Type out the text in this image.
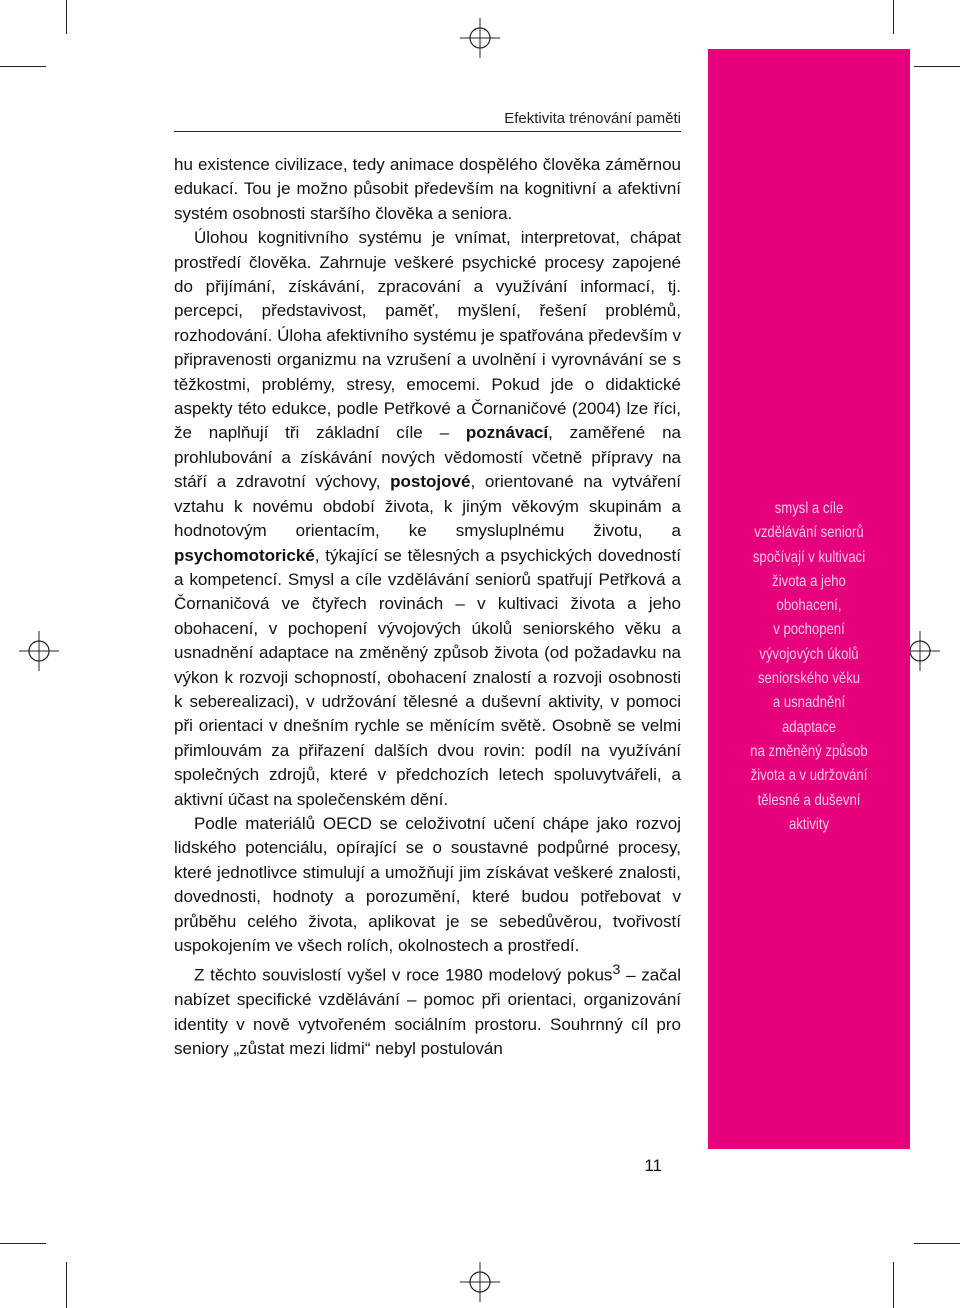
smysl a cíle
vzdělávání seniorů
spočívají v kultivaci
života a jeho
obohacení,
v pochopení
vývojových úkolů
seniorského věku
a usnadnění
adaptace
na změněný způsob
života a v udržování
tělesné a duševní
aktivity
Efektivita trénování paměti

hu existence civilizace, tedy animace dospělého člověka záměrnou edukací. Tou je možno působit především na kognitivní a afektivní systém osobnosti staršího člověka a seniora.

Úlohou kognitivního systému je vnímat, interpretovat, chápat prostředí člověka. Zahrnuje veškeré psychické procesy zapojené do přijímání, získávání, zpracování a využívání informací, tj. percepci, představivost, paměť, myšlení, řešení problémů, rozhodování. Úloha afektivního systému je spatřována především v připravenosti organizmu na vzrušení a uvolnění i vyrovnávání se s těžkostmi, problémy, stresy, emocemi. Pokud jde o didaktické aspekty této edukce, podle Petřkové a Čornaničové (2004) lze říci, že naplňují tři základní cíle – poznávací, zaměřené na prohlubování a získávání nových vědomostí včetně přípravy na stáří a zdravotní výchovy, postojové, orientované na vytváření vztahu k novému období života, k jiným věkovým skupinám a hodnotovým orientacím, ke smysluplnému životu, a psychomotorické, týkající se tělesných a psychických dovedností a kompetencí. Smysl a cíle vzdělávání seniorů spatřují Petřková a Čornaničová ve čtyřech rovinách – v kultivaci života a jeho obohacení, v pochopení vývojových úkolů seniorského věku a usnadnění adaptace na změněný způsob života (od požadavku na výkon k rozvoji schopností, obohacení znalostí a rozvoji osobnosti k seberealizaci), v udržování tělesné a duševní aktivity, v pomoci při orientaci v dnešním rychle se měnícím světě. Osobně se velmi přimlouvám za přiřazení dalších dvou rovin: podíl na využívání společných zdrojů, které v předchozích letech spoluvytvářeli, a aktivní účast na společenském dění.

Podle materiálů OECD se celoživotní učení chápe jako rozvoj lidského potenciálu, opírající se o soustavné podpůrné procesy, které jednotlivce stimulují a umožňují jim získávat veškeré znalosti, dovednosti, hodnoty a porozumění, které budou potřebovat v průběhu celého života, aplikovat je se sebedůvěrou, tvořivostí uspokojením ve všech rolích, okolnostech a prostředí.

Z těchto souvislostí vyšel v roce 1980 modelový pokus$^3$ – začal nabízet specifické vzdělávání – pomoc při orientaci, organizování identity v nově vytvořeném sociálním prostoru. Souhrnný cíl pro seniory „zůstat mezi lidmi“ nebyl postulován

11
